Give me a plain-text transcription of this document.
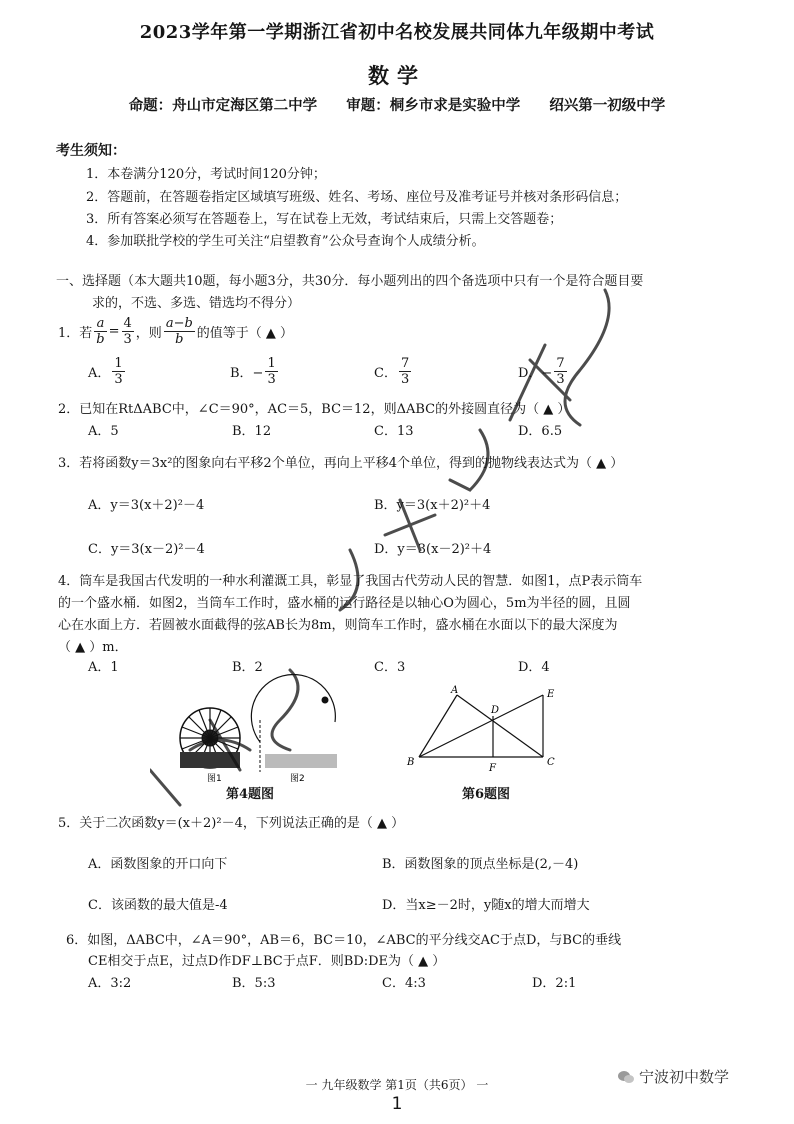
2023学年第一学期浙江省初中名校发展共同体九年级期中考试
数学
命题：舟山市定海区第二中学 审题：桐乡市求是实验中学 绍兴第一初级中学
考生须知：
1．本卷满分120分，考试时间120分钟；
2．答题前，在答题卷指定区域填写班级、姓名、考场、座位号及准考证号并核对条形码信息；
3．所有答案必须写在答题卷上，写在试卷上无效，考试结束后，只需上交答题卷；
4．参加联批学校的学生可关注“启望教育”公众号查询个人成绩分析。
一、选择题（本大题共10题，每小题3分，共30分．每小题列出的四个备选项中只有一个是符合题目要
求的，不选、多选、错选均不得分）
1．若 $\frac{a}{b} = \frac{4}{3}$ ，则 $\frac{a-b}{b}$ 的值等于（ ▲ ）
A． $\frac{1}{3}$	B．− $\frac{1}{3}$	C． $\frac{7}{3}$	D．− $\frac{7}{3}$
2．已知在RtΔABC中，∠C＝90°，AC＝5，BC＝12，则ΔABC的外接圆直径为（ ▲ ）
A．5	B．12	C．13	D．6.5
3．若将函数y＝3x²的图象向右平移2个单位，再向上平移4个单位，得到的抛物线表达式为（ ▲ ）
A．y＝3(x＋2)²－4	B．y＝3(x＋2)²＋4
C．y＝3(x－2)²－4	D．y＝3(x－2)²＋4
4．筒车是我国古代发明的一种水利灌溉工具，彰显了我国古代劳动人民的智慧．如图1，点P表示筒车
的一个盛水桶．如图2，当筒车工作时，盛水桶的运行路径是以轴心O为圆心，5m为半径的圆，且圆
心在水面上方．若圆被水面截得的弦AB长为8m，则筒车工作时，盛水桶在水面以下的最大深度为
（ ▲ ）m．
A．1	B．2	C．3	D．4
图1	图2
第4题图
A
B	C
D
E
F
第6题图
5．关于二次函数y＝(x＋2)²－4，下列说法正确的是（ ▲ ）
A．函数图象的开口向下	B．函数图象的顶点坐标是(2,－4)
C．该函数的最大值是-4	D．当x≥－2时，y随x的增大而增大
6．如图，ΔABC中，∠A＝90°，AB＝6，BC＝10，∠ABC的平分线交AC于点D，与BC的垂线
CE相交于点E，过点D作DF⊥BC于点F．则BD:DE为（ ▲ ）
A．3:2	B．5:3	C．4:3	D．2:1
一 九年级数学 第1页（共6页） 一
1
宁波初中数学
